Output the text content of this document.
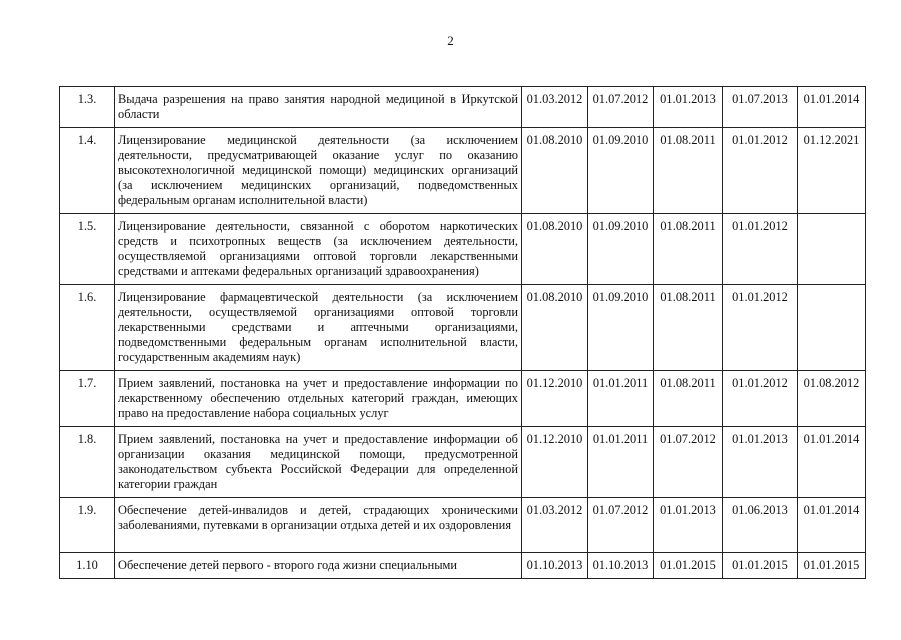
2
1.3.	Выдача разрешения на право занятия народной медициной в Иркутской области	01.03.2012	01.07.2012	01.01.2013	01.07.2013	01.01.2014
1.4.	Лицензирование медицинской деятельности (за исключением деятельности, предусматривающей оказание услуг по оказанию высокотехнологичной медицинской помощи) медицинских организаций (за исключением медицинских организаций, подведомственных федеральным органам исполнительной власти)	01.08.2010	01.09.2010	01.08.2011	01.01.2012	01.12.2021
1.5.	Лицензирование деятельности, связанной с оборотом наркотических средств и психотропных веществ (за исключением деятельности, осуществляемой организациями оптовой торговли лекарственными средствами и аптеками федеральных организаций здравоохранения)	01.08.2010	01.09.2010	01.08.2011	01.01.2012	
1.6.	Лицензирование фармацевтической деятельности (за исключением деятельности, осуществляемой организациями оптовой торговли лекарственными средствами и аптечными организациями, подведомственными федеральным органам исполнительной власти, государственным академиям наук)	01.08.2010	01.09.2010	01.08.2011	01.01.2012	
1.7.	Прием заявлений, постановка на учет и предоставление информации по лекарственному обеспечению отдельных категорий граждан, имеющих право на предоставление набора социальных услуг	01.12.2010	01.01.2011	01.08.2011	01.01.2012	01.08.2012
1.8.	Прием заявлений, постановка на учет и предоставление информации об организации оказания медицинской помощи, предусмотренной законодательством субъекта Российской Федерации для определенной категории граждан	01.12.2010	01.01.2011	01.07.2012	01.01.2013	01.01.2014
1.9.	Обеспечение детей-инвалидов и детей, страдающих хроническими заболеваниями, путевками в организации отдыха детей и их оздоровления	01.03.2012	01.07.2012	01.01.2013	01.06.2013	01.01.2014
1.10	Обеспечение детей первого - второго года жизни специальными	01.10.2013	01.10.2013	01.01.2015	01.01.2015	01.01.2015
